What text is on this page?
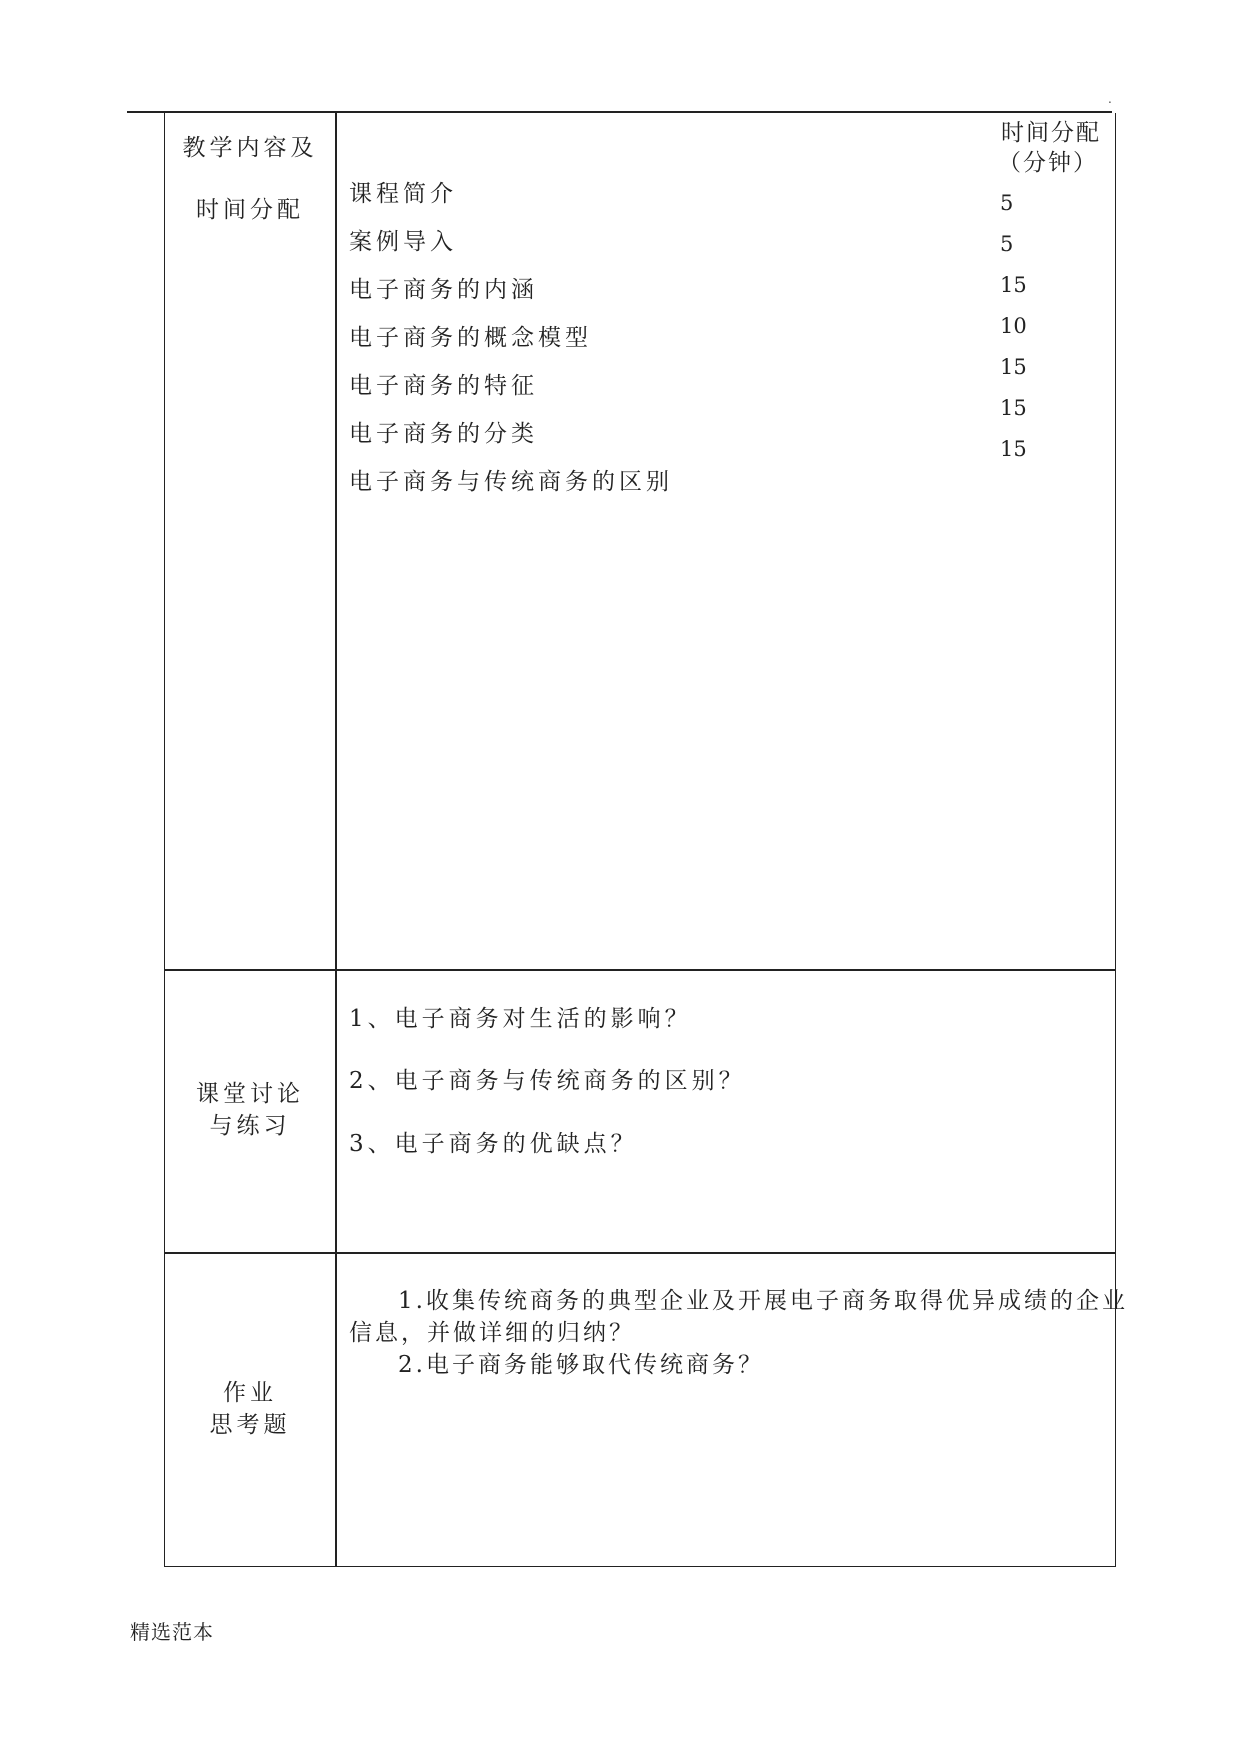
.
教学内容及
时间分配
时间分配
（分钟）
课程简介
案例导入
电子商务的内涵
电子商务的概念模型
电子商务的特征
电子商务的分类
电子商务与传统商务的区别
5
5
15
10
15
15
15
课堂讨论
与练习
1、电子商务对生活的影响？
2、电子商务与传统商务的区别？
3、电子商务的优缺点？
作业
思考题
1.收集传统商务的典型企业及开展电子商务取得优异成绩的企业
信息，并做详细的归纳？
2.电子商务能够取代传统商务？
精选范本
